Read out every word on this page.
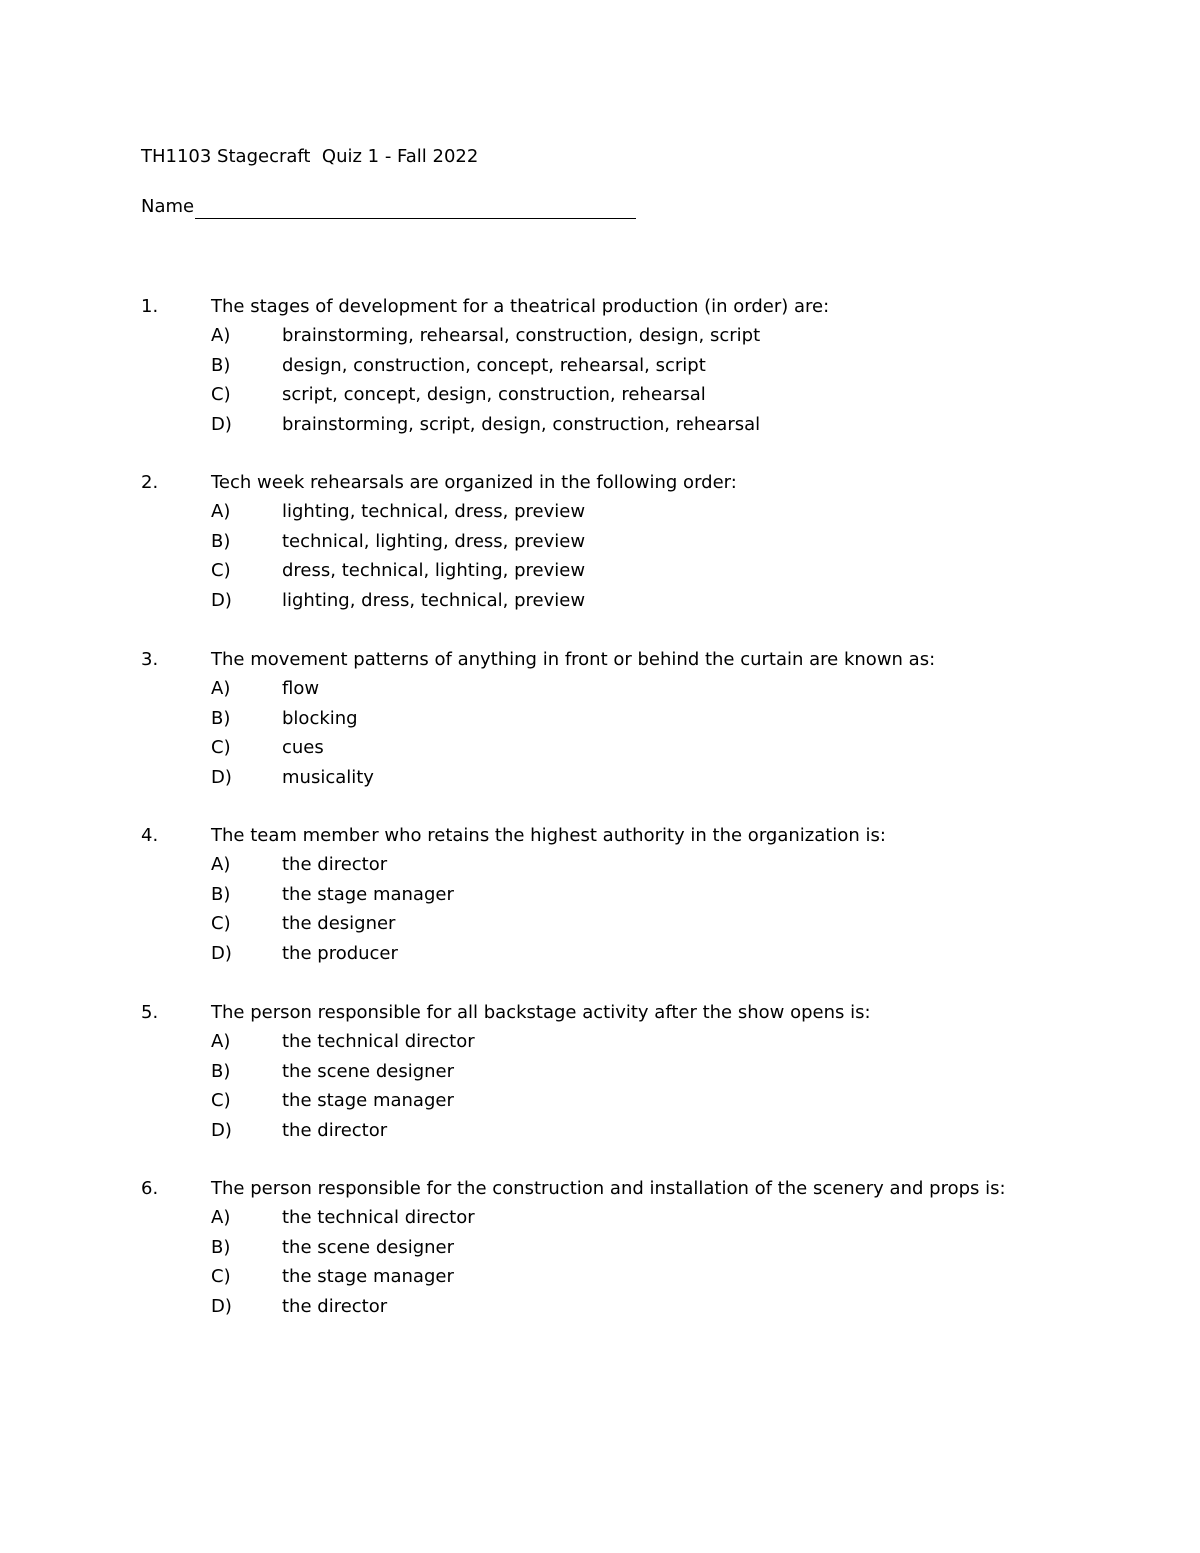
TH1103 Stagecraft  Quiz 1 - Fall 2022
Name
1.	The stages of development for a theatrical production (in order) are:
A)	brainstorming, rehearsal, construction, design, script
B)	design, construction, concept, rehearsal, script
C)	script, concept, design, construction, rehearsal
D)	brainstorming, script, design, construction, rehearsal
2.	Tech week rehearsals are organized in the following order:
A)	lighting, technical, dress, preview
B)	technical, lighting, dress, preview
C)	dress, technical, lighting, preview
D)	lighting, dress, technical, preview
3.	The movement patterns of anything in front or behind the curtain are known as:
A)	flow
B)	blocking
C)	cues
D)	musicality
4.	The team member who retains the highest authority in the organization is:
A)	the director
B)	the stage manager
C)	the designer
D)	the producer
5.	The person responsible for all backstage activity after the show opens is:
A)	the technical director
B)	the scene designer
C)	the stage manager
D)	the director
6.	The person responsible for the construction and installation of the scenery and props is:
A)	the technical director
B)	the scene designer
C)	the stage manager
D)	the director
